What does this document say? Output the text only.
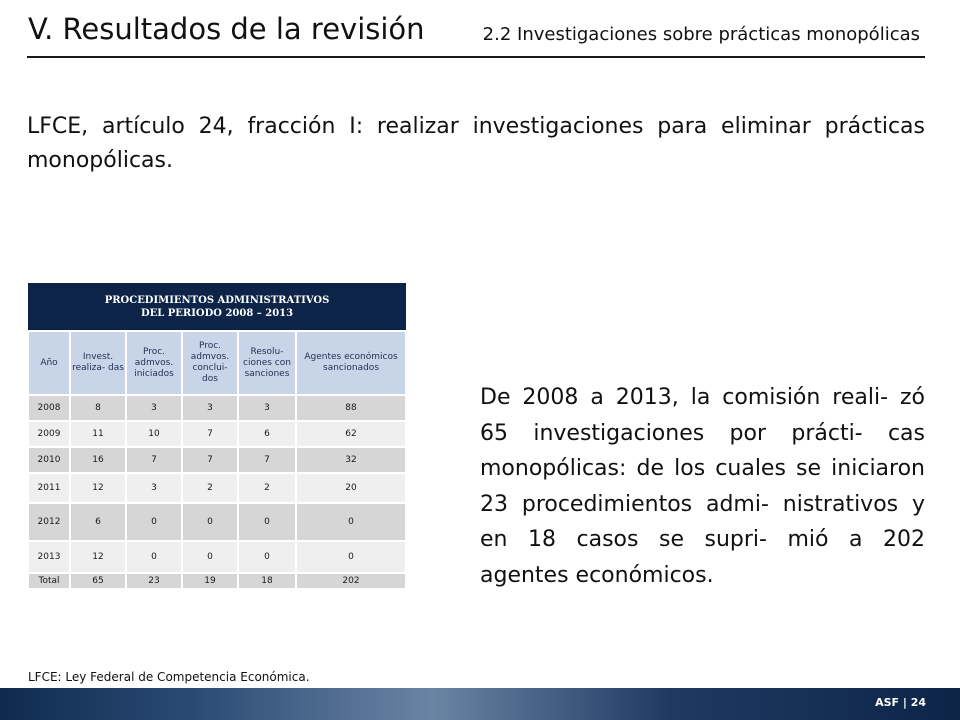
V. Resultados de la revisión	2.2 Investigaciones sobre prácticas monopólicas
LFCE, artículo 24, fracción I: realizar investigaciones para eliminar prácticas monopólicas.
PROCEDIMIENTOS ADMINISTRATIVOS
DEL PERIODO 2008 – 2013					
Año	Invest. realiza- das	Proc. admvos. iniciados	Proc. admvos. conclui- dos	Resolu- ciones con sanciones	Agentes económicos sancionados
2008	8	3	3	3	88
2009	11	10	7	6	62
2010	16	7	7	7	32
2011	12	3	2	2	20
2012	6	0	0	0	0
2013	12	0	0	0	0
Total	65	23	19	18	202
De 2008 a 2013, la comisión reali- zó 65 investigaciones por prácti- cas monopólicas: de los cuales se iniciaron 23 procedimientos admi- nistrativos y en 18 casos se supri- mió a 202 agentes económicos.
LFCE: Ley Federal de Competencia Económica.
ASF | 24
